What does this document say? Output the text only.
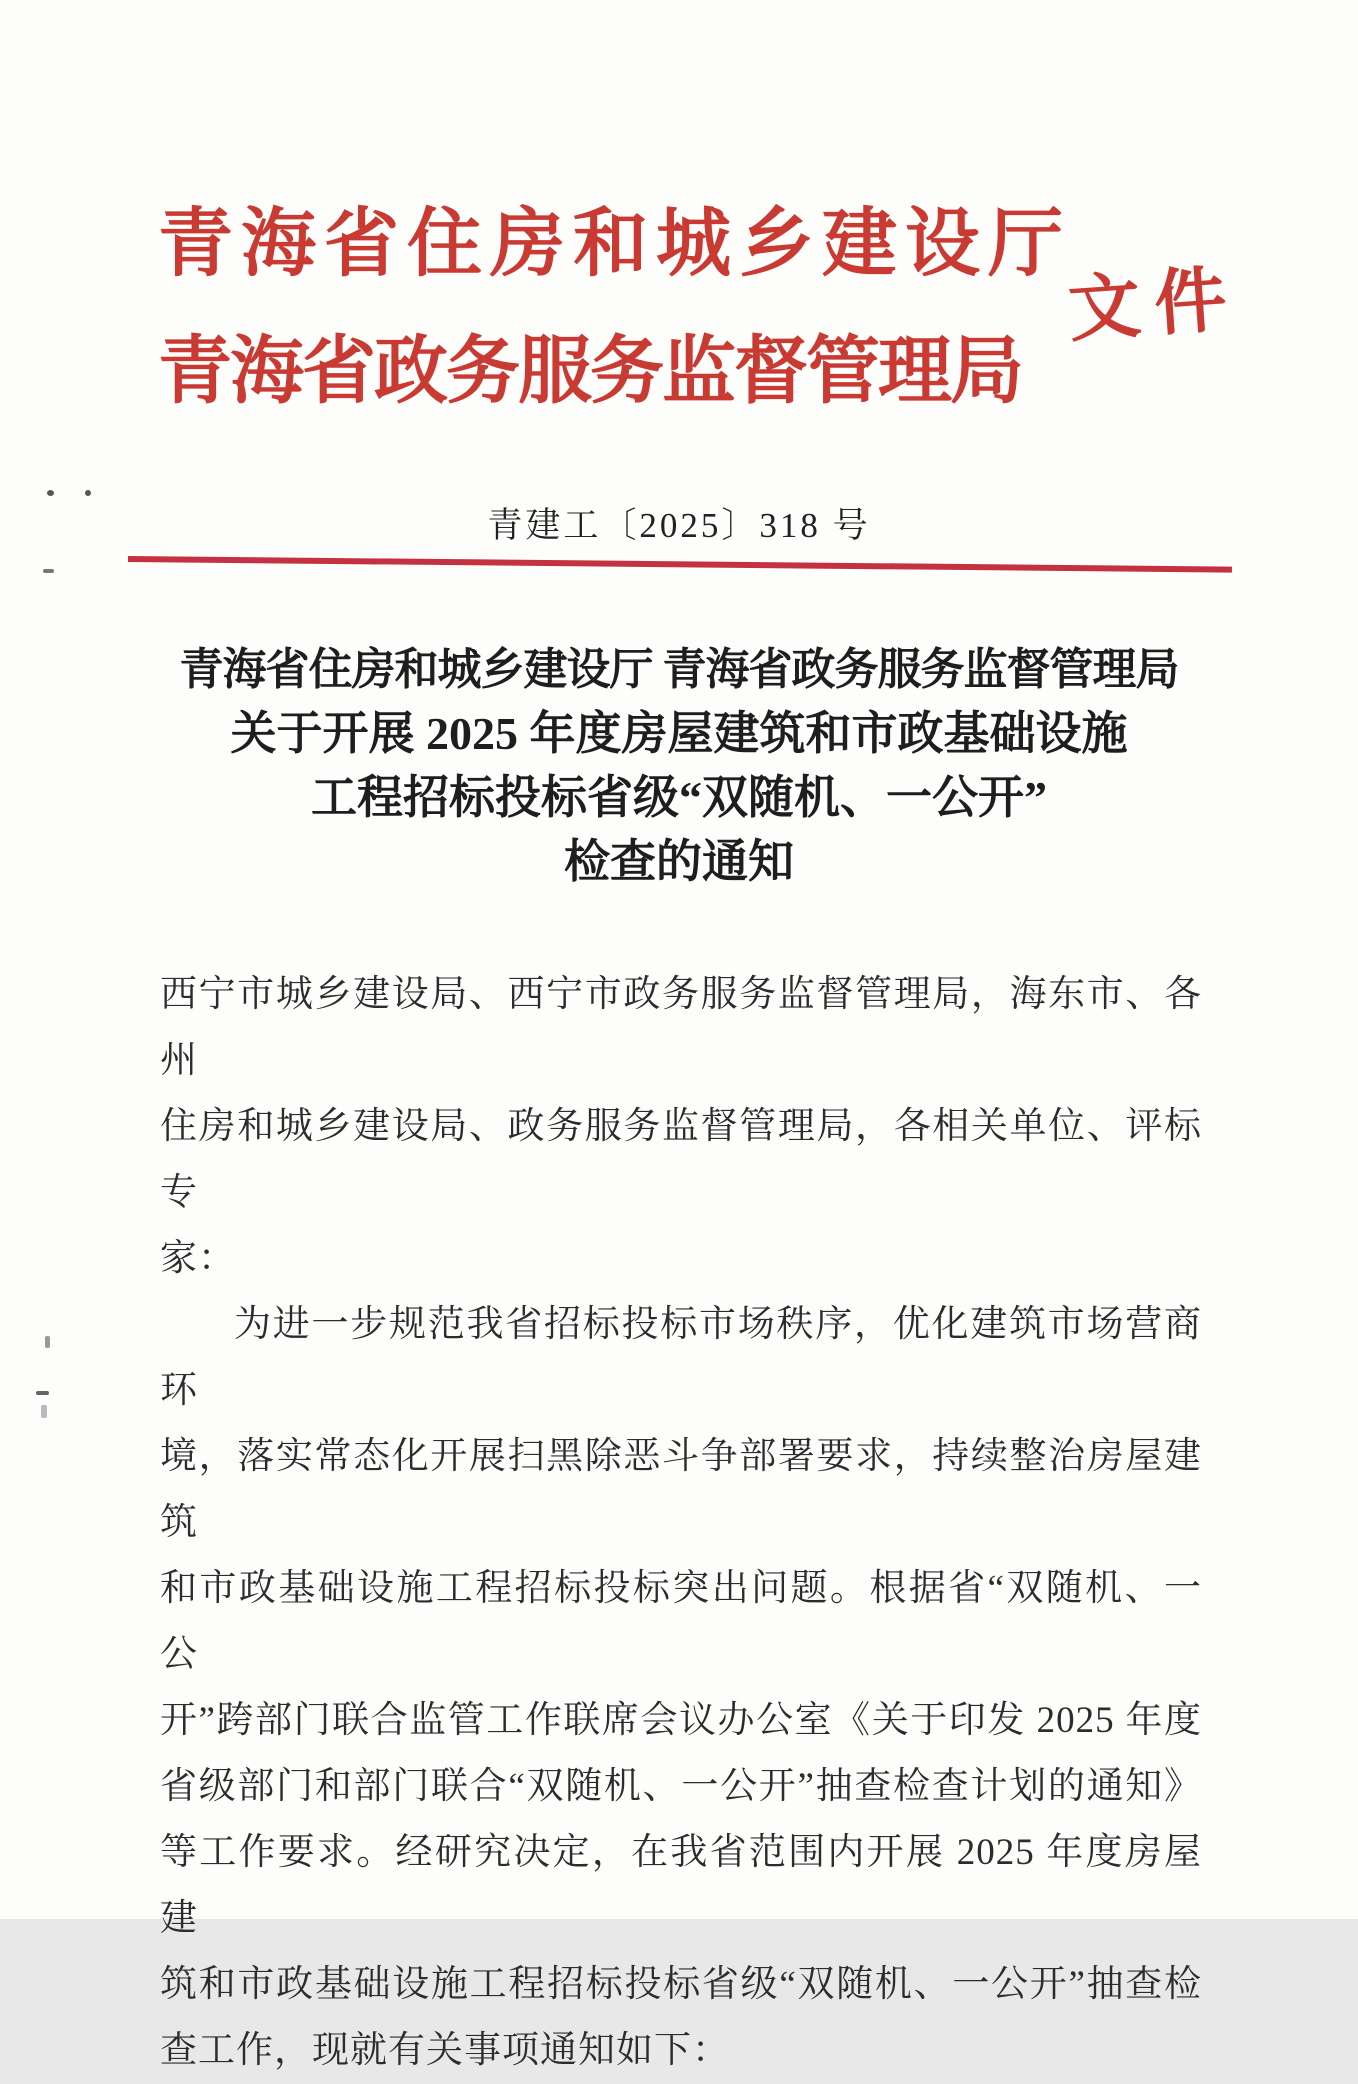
青海省住房和城乡建设厅
青海省政务服务监督管理局
文件
青建工〔2025〕318 号
青海省住房和城乡建设厅 青海省政务服务监督管理局
关于开展 2025 年度房屋建筑和市政基础设施
工程招标投标省级“双随机、一公开”
检查的通知
西宁市城乡建设局、西宁市政务服务监督管理局，海东市、各州
住房和城乡建设局、政务服务监督管理局，各相关单位、评标专
家：
为进一步规范我省招标投标市场秩序，优化建筑市场营商环
境，落实常态化开展扫黑除恶斗争部署要求，持续整治房屋建筑
和市政基础设施工程招标投标突出问题。根据省“双随机、一公
开”跨部门联合监管工作联席会议办公室《关于印发 2025 年度
省级部门和部门联合“双随机、一公开”抽查检查计划的通知》
等工作要求。经研究决定，在我省范围内开展 2025 年度房屋建
筑和市政基础设施工程招标投标省级“双随机、一公开”抽查检
查工作，现就有关事项通知如下：
